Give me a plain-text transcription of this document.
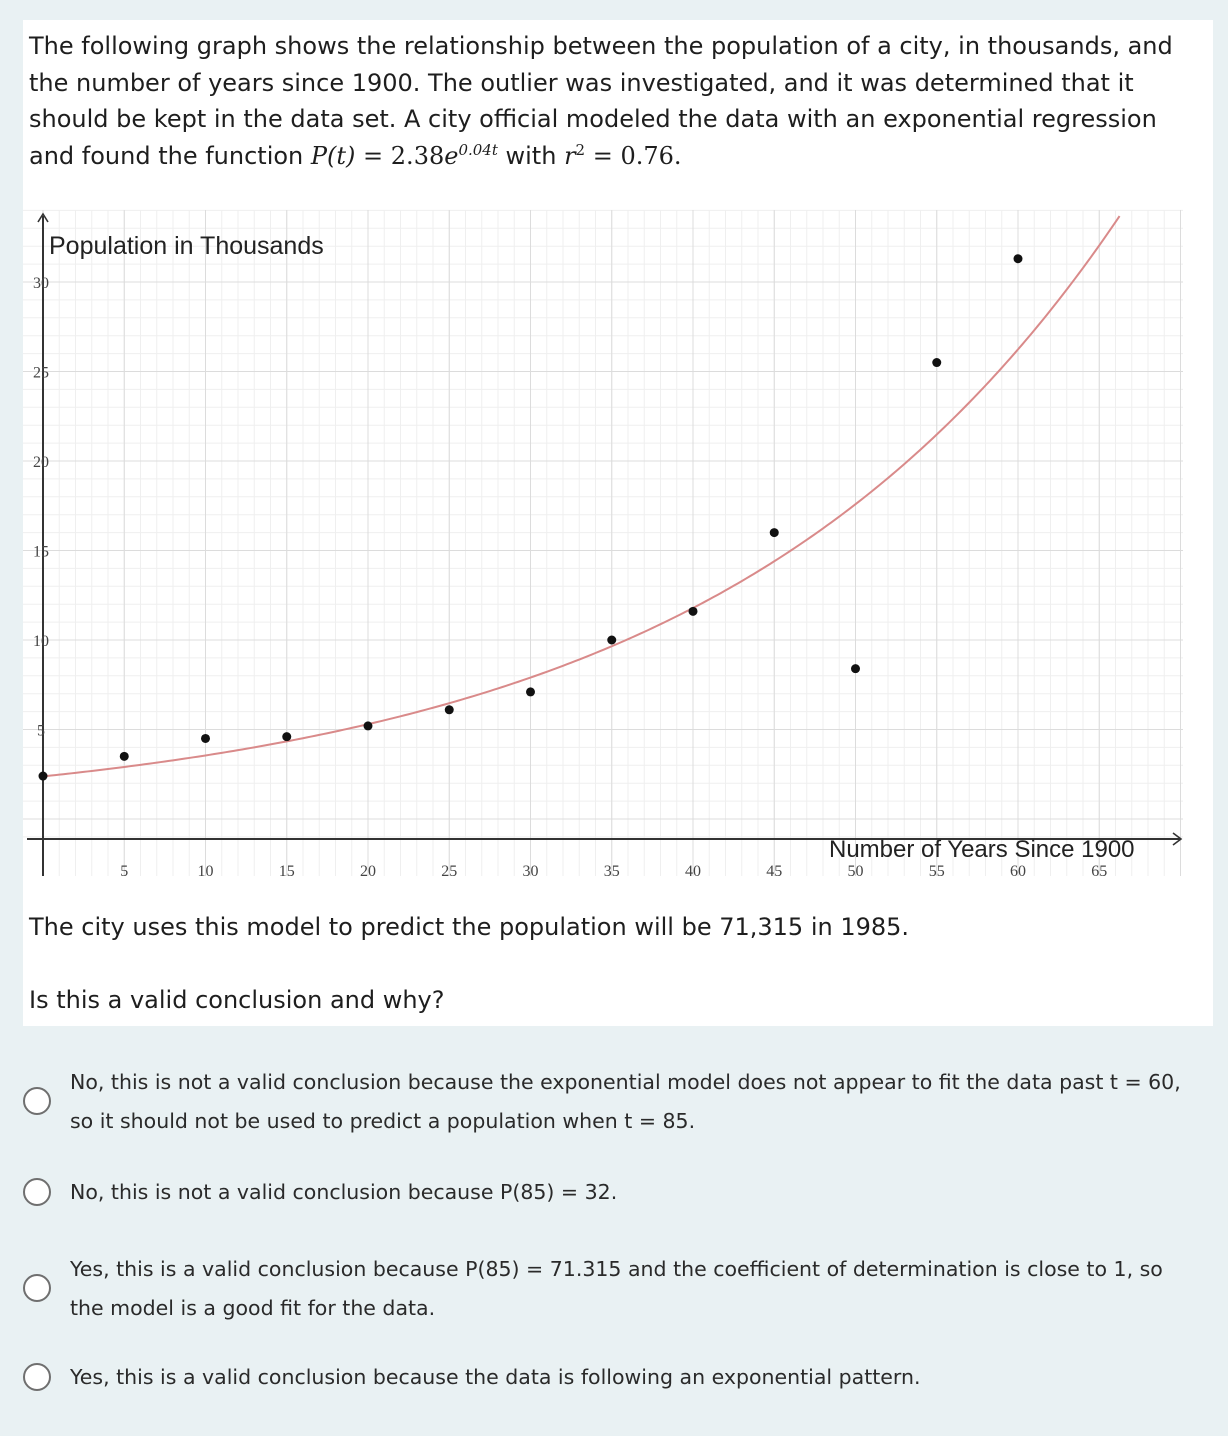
The following graph shows the relationship between the population of a city, in thousands, and the number of years since 1900. The outlier was investigated, and it was determined that it should be kept in the data set. A city official modeled the data with an exponential regression and found the function $P(t) = 2.38e^{0.04t}$ with $r^2 = 0.76$.
5	10	15	20	25	30	35	40	45	50	55	60	65
5
10
15
20
25
30
Population in Thousands
Number of Years Since 1900
The city uses this model to predict the population will be 71,315 in 1985.
Is this a valid conclusion and why?
No, this is not a valid conclusion because the exponential model does not appear to fit the data past t = 60, so it should not be used to predict a population when t = 85.
No, this is not a valid conclusion because P(85) = 32.
Yes, this is a valid conclusion because P(85) = 71.315 and the coefficient of determination is close to 1, so the model is a good fit for the data.
Yes, this is a valid conclusion because the data is following an exponential pattern.
